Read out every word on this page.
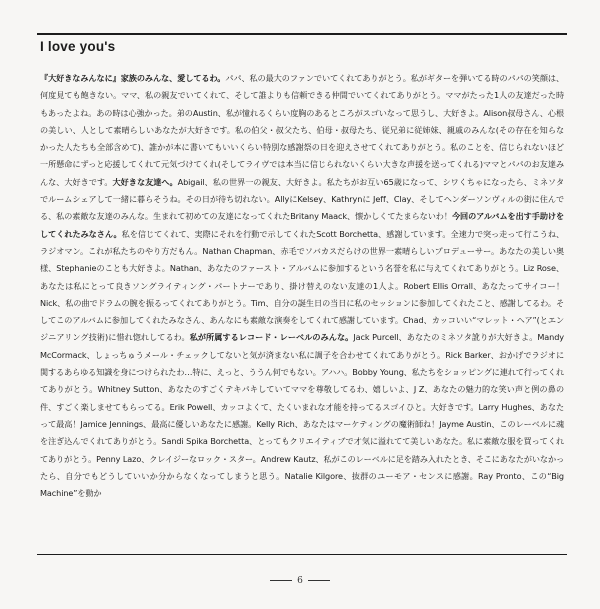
I love you's
『大好きなみんなに』家族のみんな、愛してるわ。パパ、私の最大のファンでいてくれてありがとう。私がギターを弾いてる時のパパの笑顔は、何度見ても飽きない。ママ、私の親友でいてくれて、そして誰よりも信頼できる仲間でいてくれてありがとう。ママがたった1人の友達だった時もあったよね。あの時は心強かった。弟のAustin、私が憧れるくらい度胸のあるところがスゴいなって思うし、大好きよ。Alison叔母さん、心根の美しい、人として素晴らしいあなたが大好きです。私の伯父・叔父たち、伯母・叔母たち、従兄弟に従姉妹、親戚のみんな(その存在を知らなかった人たちも全部含めて)、誰かが本に書いてもいいくらい特別な感謝祭の日を迎えさせてくれてありがとう。私のことを、信じられないほど一所懸命にずっと応援してくれて元気づけてくれ(そしてライヴでは本当に信じられないくらい大きな声援を送ってくれる)ママとパパのお友達みんな、大好きです。大好きな友達へ。Abigail、私の世界一の親友、大好きよ。私たちがお互い65歳になって、シワくちゃになったら、ミネソタでルームシェアして一緒に暮らそうね。その日が待ち切れない。AllyにKelsey、Kathrynに Jeff、Clay、そしてヘンダーソンヴィルの街に住んでる、私の素敵な友達のみんな。生まれて初めての友達になってくれたBritany Maack、懐かしくてたまらないわ！今回のアルバムを出す手助けをしてくれたみなさん。私を信じてくれて、実際にそれを行動で示してくれたScott Borchetta、感謝しています。全速力で突っ走って行こうね、ラジオマン。これが私たちのやり方だもん。Nathan Chapman、赤毛でソバカスだらけの世界一素晴らしいプロデューサー。あなたの美しい奥様、Stephanieのことも大好きよ。Nathan、あなたのファースト・アルバムに参加するという名誉を私に与えてくれてありがとう。Liz Rose、あなたは私にとって良きソングライティング・パートナーであり、掛け替えのない友達の1人よ。Robert Ellis Orrall、あなたってサイコー！Nick、私の曲でドラムの腕を振るってくれてありがとう。Tim、自分の誕生日の当日に私のセッションに参加してくれたこと、感謝してるわ。そしてこのアルバムに参加してくれたみなさん、あんなにも素敵な演奏をしてくれて感謝しています。Chad、カッコいい“マレット・ヘア”(とエンジニアリング技術)に惜れ惚れしてるわ。私が所属するレコード・レーベルのみんな。Jack Purcell、あなたのミネソタ訛りが大好きよ。Mandy McCormack、しょっちゅうメール・チェックしてないと気が済まない私に調子を合わせてくれてありがとう。Rick Barker、おかげでラジオに関するあらゆる知識を身につけられたわ…特に、えっと、ううん何でもない。アハハ。Bobby Young、私たちをショッピングに連れて行ってくれてありがとう。Whitney Sutton、あなたのすごくテキパキしていてママを尊敬してるわ、嬉しいよ、J Z、あなたの魅力的な笑い声と例の鼻の件、すごく楽しませてもらってる。Erik Powell、カッコよくて、たくいまれな才能を持ってるスゴイひと。大好きです。Larry Hughes、あなたって最高！Jamice Jennings、最高に優しいあなたに感謝。Kelly Rich、あなたはマーケティングの魔術師ね！Jayme Austin、このレーベルに魂を注ぎ込んでくれてありがとう。Sandi Spika Borchetta、とってもクリエイティブで才気に溢れてて美しいあなた。私に素敵な服を買ってくれてありがとう。Penny Lazo、クレイジーなロック・スター。Andrew Kautz、私がこのレーベルに足を踏み入れたとき、そこにあなたがいなかったら、自分でもどうしていいか分からなくなってしまうと思う。Natalie Kilgore、抜群のユーモア・センスに感謝。Ray Pronto、この“Big Machine”を動か
6
